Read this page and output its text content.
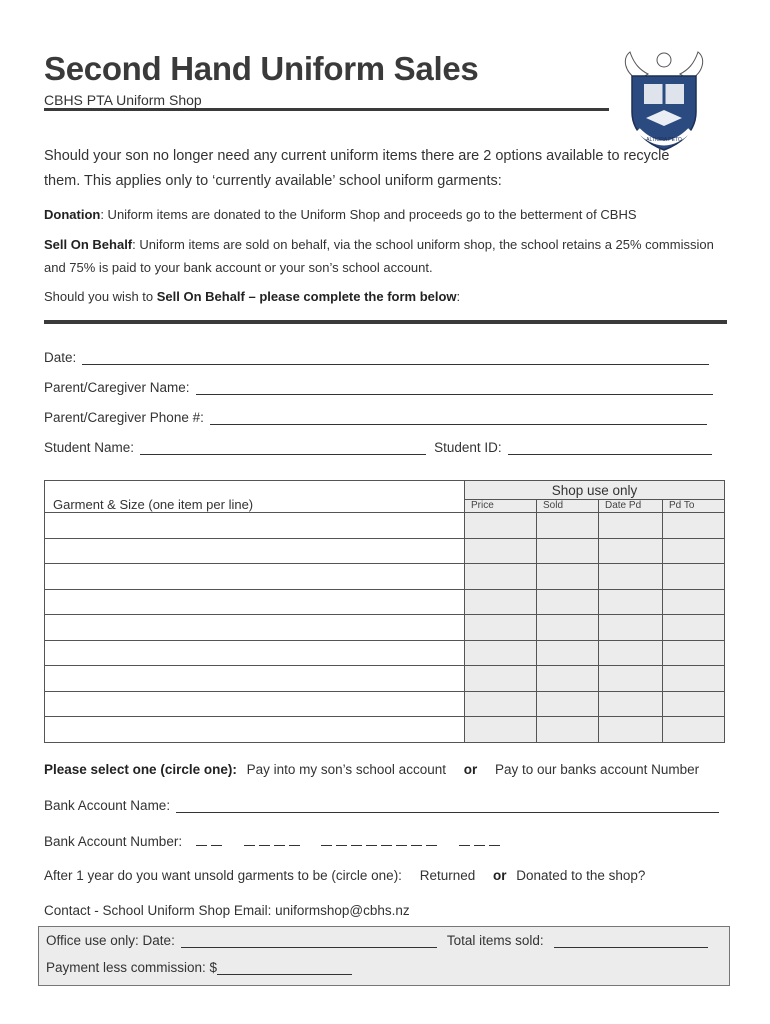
Second Hand Uniform Sales
CBHS PTA Uniform Shop
ALTIORA PETO
Should your son no longer need any current uniform items there are 2 options available to recycle them. This applies only to ‘currently available’ school uniform garments:
Donation: Uniform items are donated to the Uniform Shop and proceeds go to the betterment of CBHS
Sell On Behalf: Uniform items are sold on behalf, via the school uniform shop, the school retains a 25% commission and 75% is paid to your bank account or your son’s school account.
Should you wish to Sell On Behalf – please complete the form below:
Date:
Parent/Caregiver Name:
Parent/Caregiver Phone #:
Student Name:	Student ID:
Garment & Size (one item per line)	Shop use only			
	Price	Sold	Date Pd	Pd To

Please select one (circle one): Pay into my son’s school account or Pay to our banks account Number
Bank Account Name:
Bank Account Number:

After 1 year do you want unsold garments to be (circle one): Returned or Donated to the shop?
Contact - School Uniform Shop Email: uniformshop@cbhs.nz
Office use only: Date:	Total items sold:
Payment less commission: $
